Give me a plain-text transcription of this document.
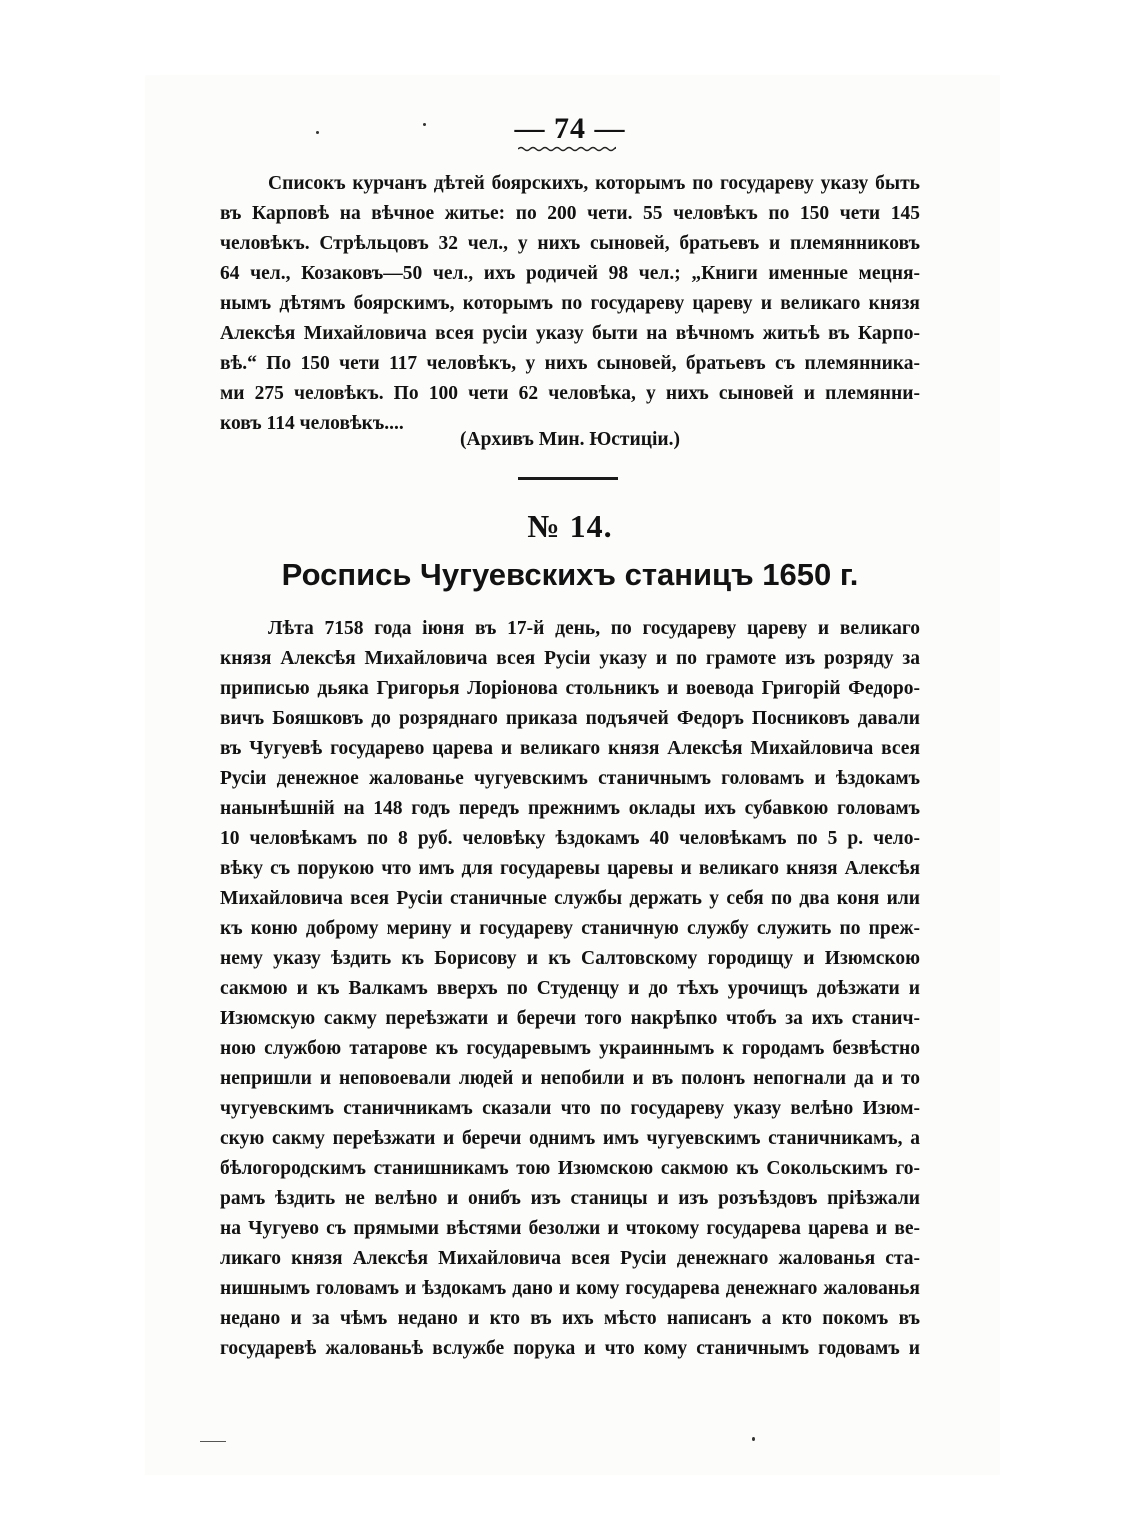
— 74 —
Списокъ курчанъ дѣтей боярскихъ, которымъ по государеву указу быть
въ Карповѣ на вѣчное житье: по 200 чети. 55 человѣкъ по 150 чети 145
человѣкъ. Стрѣльцовъ 32 чел., у нихъ сыновей, братьевъ и племянниковъ
64 чел., Козаковъ—50 чел., ихъ родичей 98 чел.; „Книги именные мецня-
нымъ дѣтямъ боярскимъ, которымъ по государеву цареву и великаго князя
Алексѣя Михайловича всея русiи указу быти на вѣчномъ житьѣ въ Карпо-
вѣ.“ По 150 чети 117 человѣкъ, у нихъ сыновей, братьевъ съ племянника-
ми 275 человѣкъ. По 100 чети 62 человѣка, у нихъ сыновей и племянни-
ковъ 114 человѣкъ....
(Архивъ Мин. Юстицiи.)
№ 14.
Роспись Чугуевскихъ станицъ 1650 г.
Лѣта 7158 года iюня въ 17-й день, по государеву цареву и великаго
князя Алексѣя Михайловича всея Русiи указу и по грамоте изъ розряду за
приписью дьяка Григорья Лорiонова стольникъ и воевода Григорiй Федоро-
вичъ Бояшковъ до розряднаго приказа подъячей Федоръ Посниковъ давали
въ Чугуевѣ государево царева и великаго князя Алексѣя Михайловича всея
Русiи денежное жалованье чугуевскимъ станичнымъ головамъ и ѣздокамъ
нанынѣшнiй на 148 годъ передъ прежнимъ оклады ихъ субавкою головамъ
10 человѣкамъ по 8 руб. человѣку ѣздокамъ 40 человѣкамъ по 5 р. чело-
вѣку съ порукою что имъ для государевы царевы и великаго князя Алексѣя
Михайловича всея Русiи станичные службы держать у себя по два коня или
къ коню доброму мерину и государеву станичную службу служить по преж-
нему указу ѣздить къ Борисову и къ Салтовскому городищу и Изюмскою
сакмою и къ Валкамъ вверхъ по Студенцу и до тѣхъ урочищъ доѣзжати и
Изюмскую сакму переѣзжати и беречи того накрѣпко чтобъ за ихъ станич-
ною службою татарове къ государевымъ украиннымъ к городамъ безвѣстно
непришли и неповоевали людей и непобили и въ полонъ непогнали да и то
чугуевскимъ станичникамъ сказали что по государеву указу велѣно Изюм-
скую сакму переѣзжати и беречи однимъ имъ чугуевскимъ станичникамъ, а
бѣлогородскимъ станишникамъ тою Изюмскою сакмою къ Сокольскимъ го-
рамъ ѣздить не велѣно и онибъ изъ станицы и изъ розъѣздовъ прiѣзжали
на Чугуево съ прямыми вѣстями безолжи и чтокому государева царева и ве-
ликаго князя Алексѣя Михайловича всея Русiи денежнаго жалованья ста-
нишнымъ головамъ и ѣздокамъ дано и кому государева денежнаго жалованья
недано и за чѣмъ недано и кто въ ихъ мѣсто написанъ а кто покомъ въ
государевѣ жалованьѣ вслужбе порука и что кому станичнымъ годовамъ и
